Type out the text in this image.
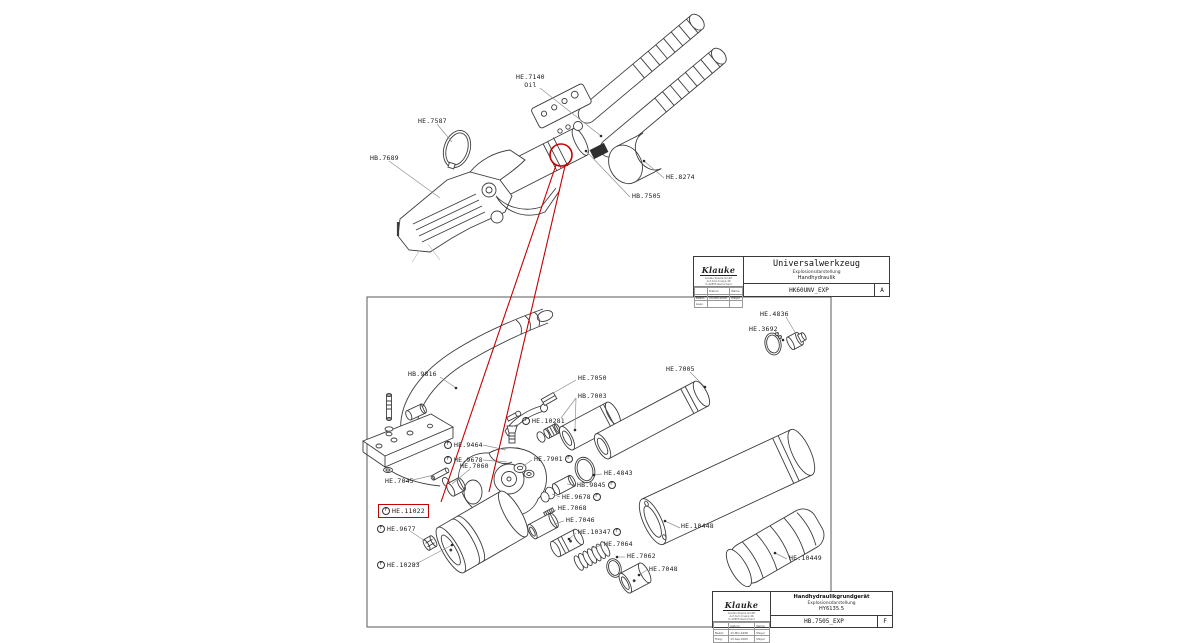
HE.7140
Oil
HE.7587
HB.7689
HE.8274
HB.7505
HB.9816
HE.4836
HE.3692
HE.7005
HE.7050
HB.7003
F HE.10281
F HE.9464
F HE.9678
HE.7060
HE.7901 F
HE.7045
F HE.11022
F HE.9677
F HE.10283
HE.4843
HB.9845 F
HE.9678 F
HE.7068
HE.7046
HE.10347 F
HE.7064
HE.7062
HE.7048
HE.10448
HE.10449
Klauke
Gustav Klauke GmbH
Auf dem Knapp 46
D-42855 Remscheid
	Datum	Name
Bearb.	20.Mrz.2006	Mayer
Gepr.		
Universalwerkzeug
Explosionsdarstellung
Handhydraulik
HK60UNV_EXP	A
Klauke
Gustav Klauke GmbH
Auf dem Knapp 46
D-42855 Remscheid
	Datum	Name
Bearb.	13.Mrz.1998	Mayer
Freig.	13.Sep.2005	Mayer
Handhydraulikgrundgerät
Explosionsdarstellung
HY6135.5
HB.7505_EXP	F
